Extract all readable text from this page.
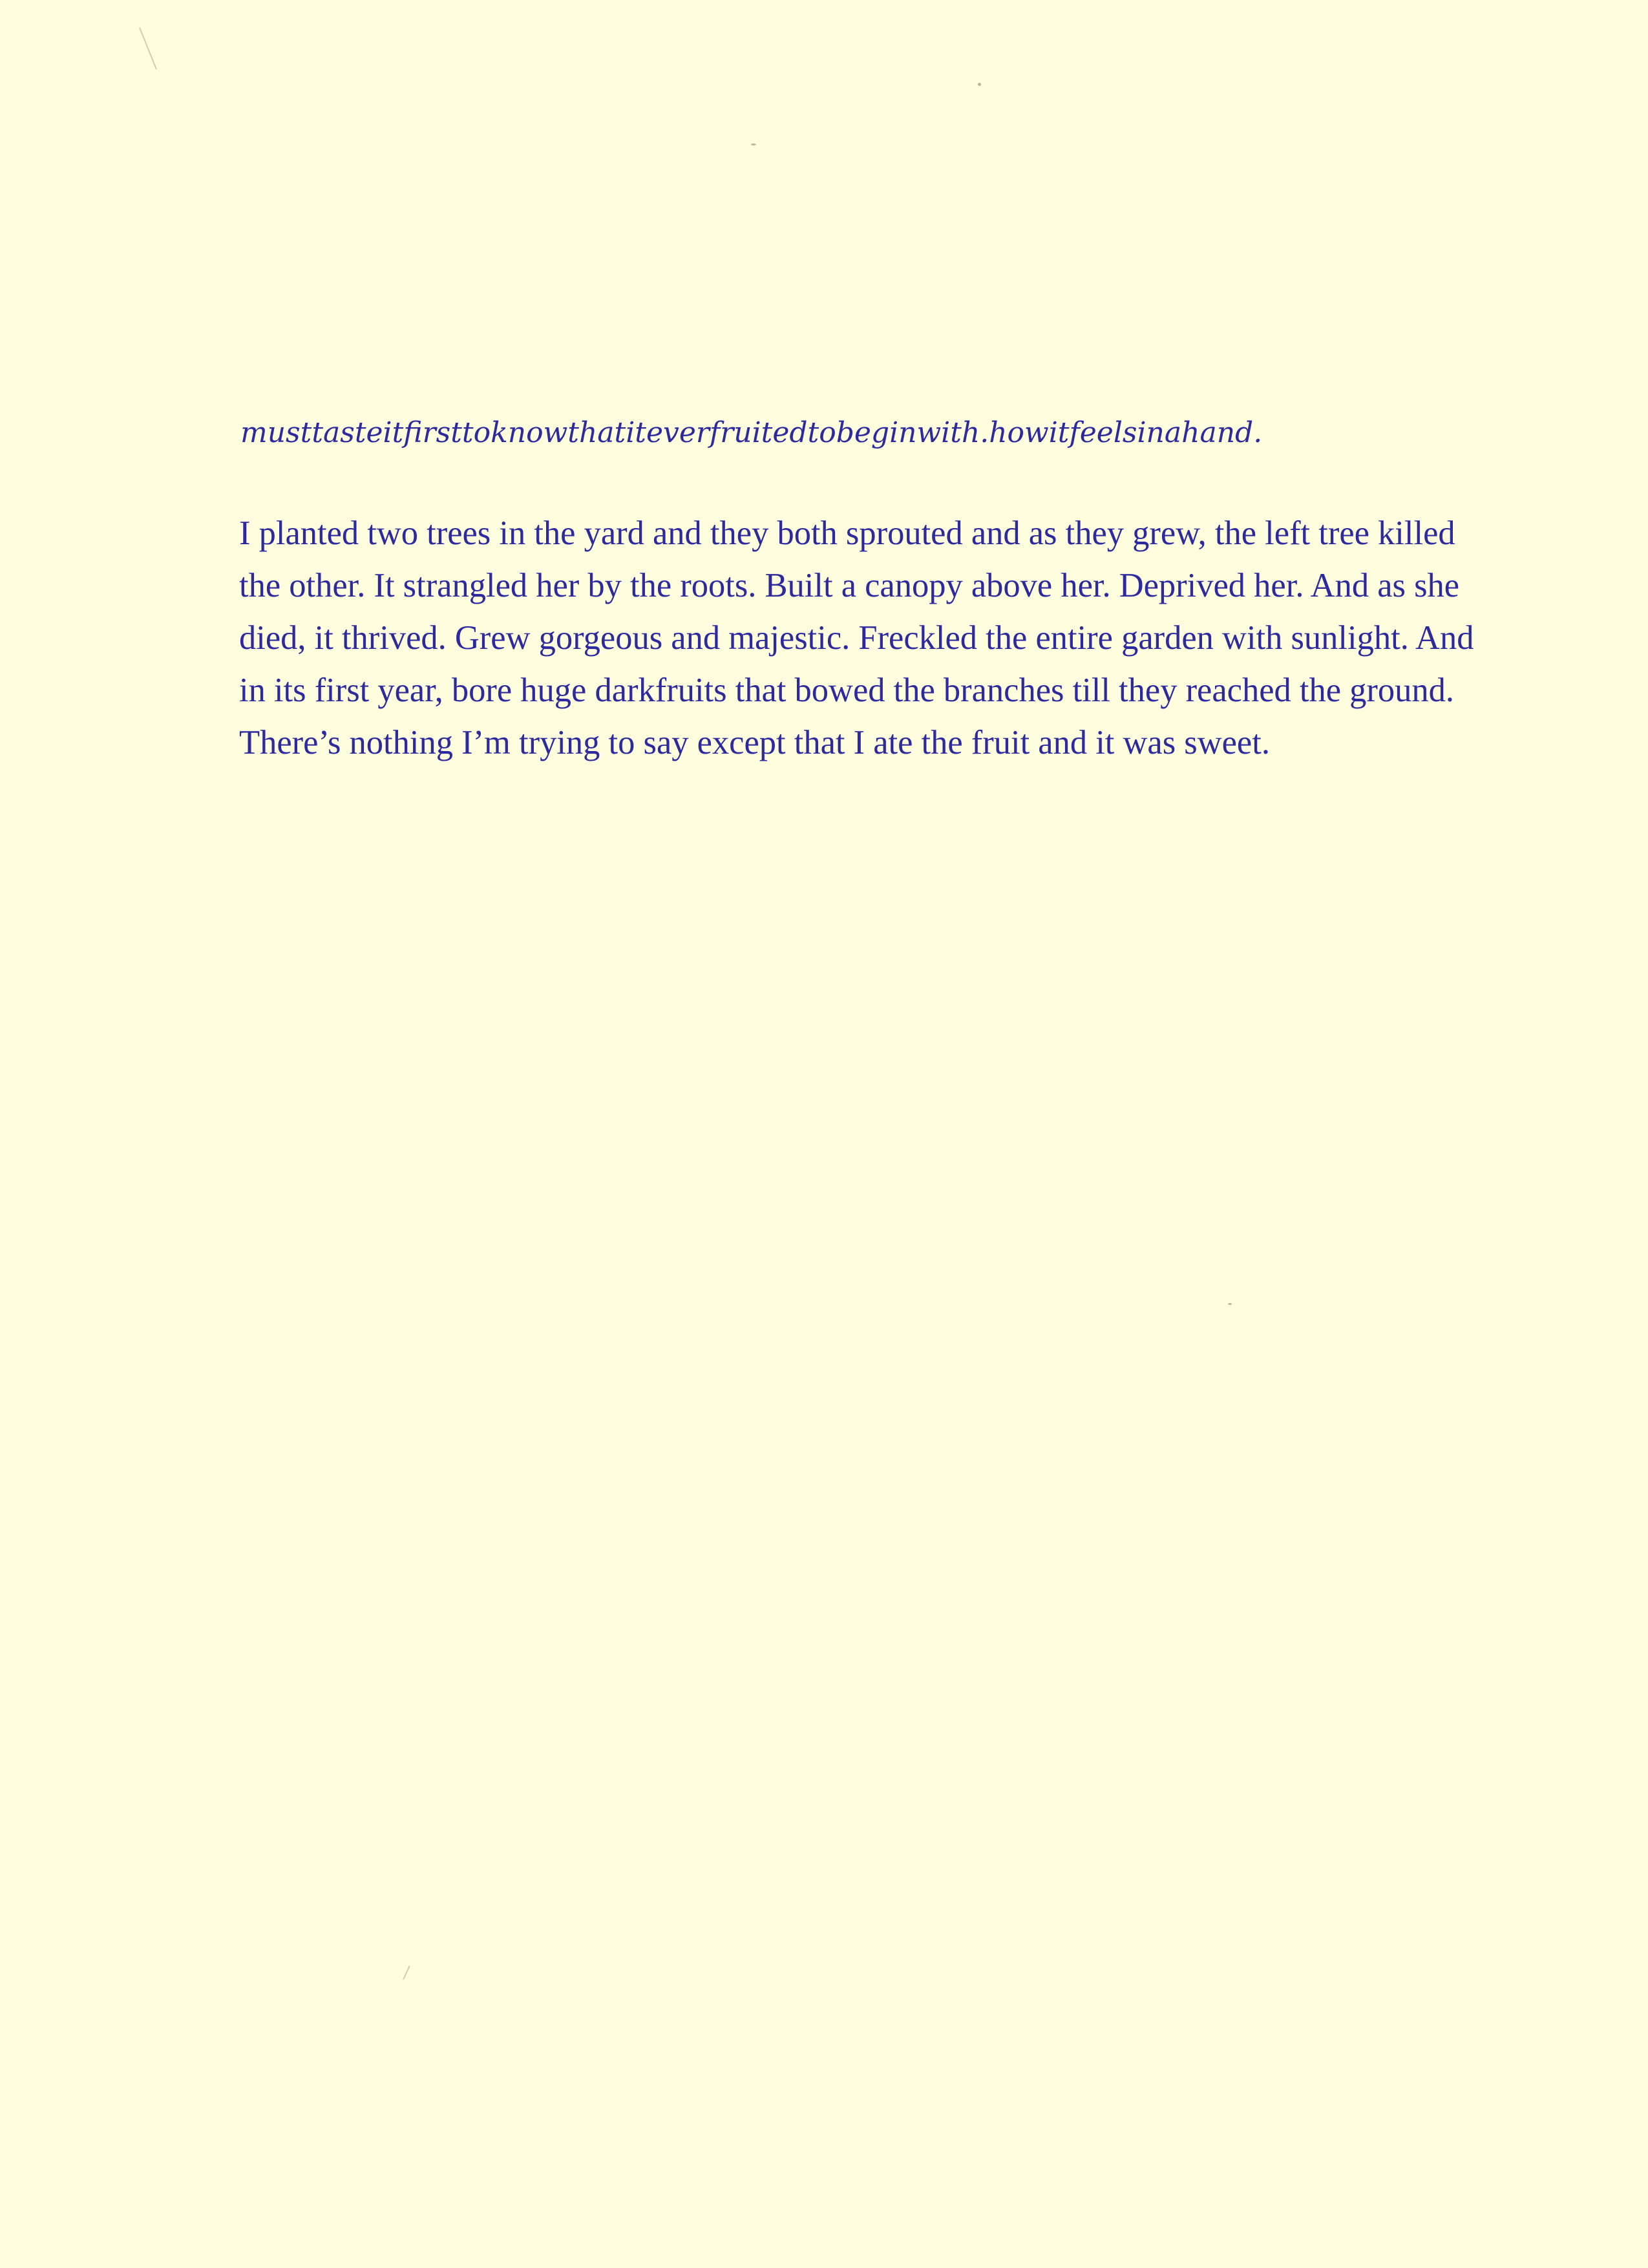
musttasteitfirsttoknowthatiteverfruitedtobeginwith.howitfeelsinahand.

I planted two trees in the yard and they both sprouted and as they grew, the left tree killed the other. It strangled her by the roots. Built a canopy above her. Deprived her. And as she died, it thrived. Grew gorgeous and majestic. Freckled the entire garden with sunlight. And in its first year, bore huge darkfruits that bowed the branches till they reached the ground. There’s nothing I’m trying to say except that I ate the fruit and it was sweet.
